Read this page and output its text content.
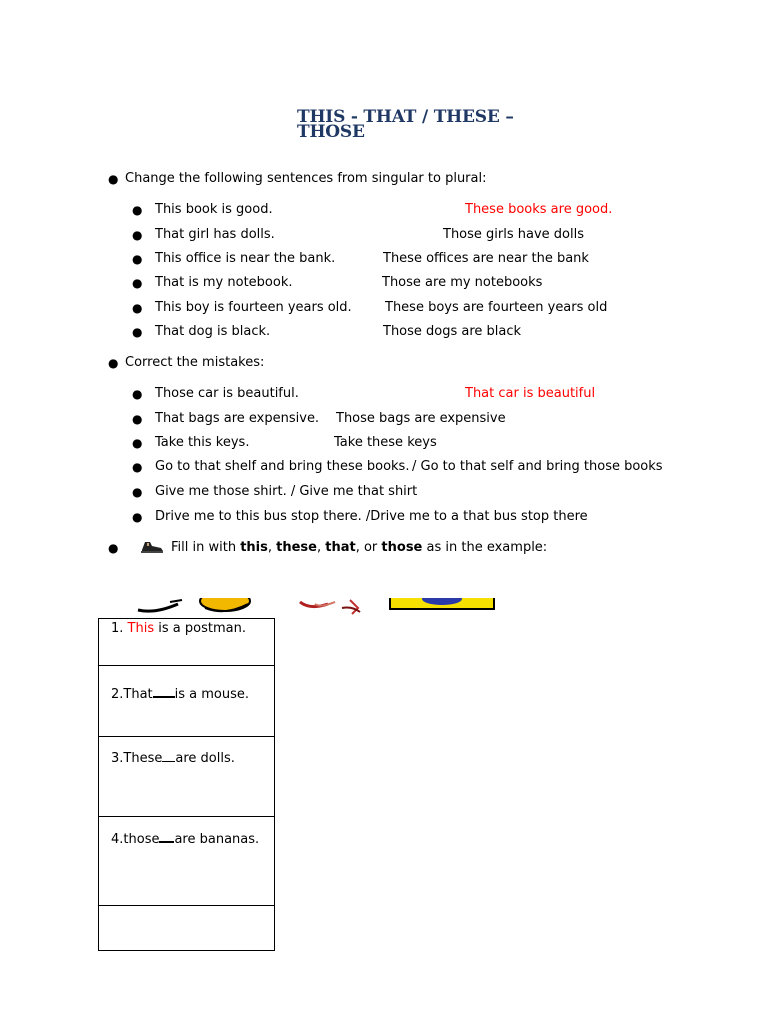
THIS - THAT / THESE – THOSE
● Change the following sentences from singular to plural:
● This book is good.	These books are good.
● That girl has dolls.	Those girls have dolls
● This office is near the bank.	These offices are near the bank
● That is my notebook.	Those are my notebooks
● This boy is fourteen years old.	These boys are fourteen years old
● That dog is black.	Those dogs are black
● Correct the mistakes:
● Those car is beautiful.	That car is beautiful
● That bags are expensive. Those bags are expensive
● Take this keys.	Take these keys
● Go to that shelf and bring these books. / Go to that self and bring those books
● Give me those shirt. / Give me that shirt
● Drive me to this bus stop there. /Drive me to a that bus stop there
●	Fill in with this, these, that, or those as in the example:
1. This is a postman.
2.That is a mouse.
3.These are dolls.
4.those are bananas.
